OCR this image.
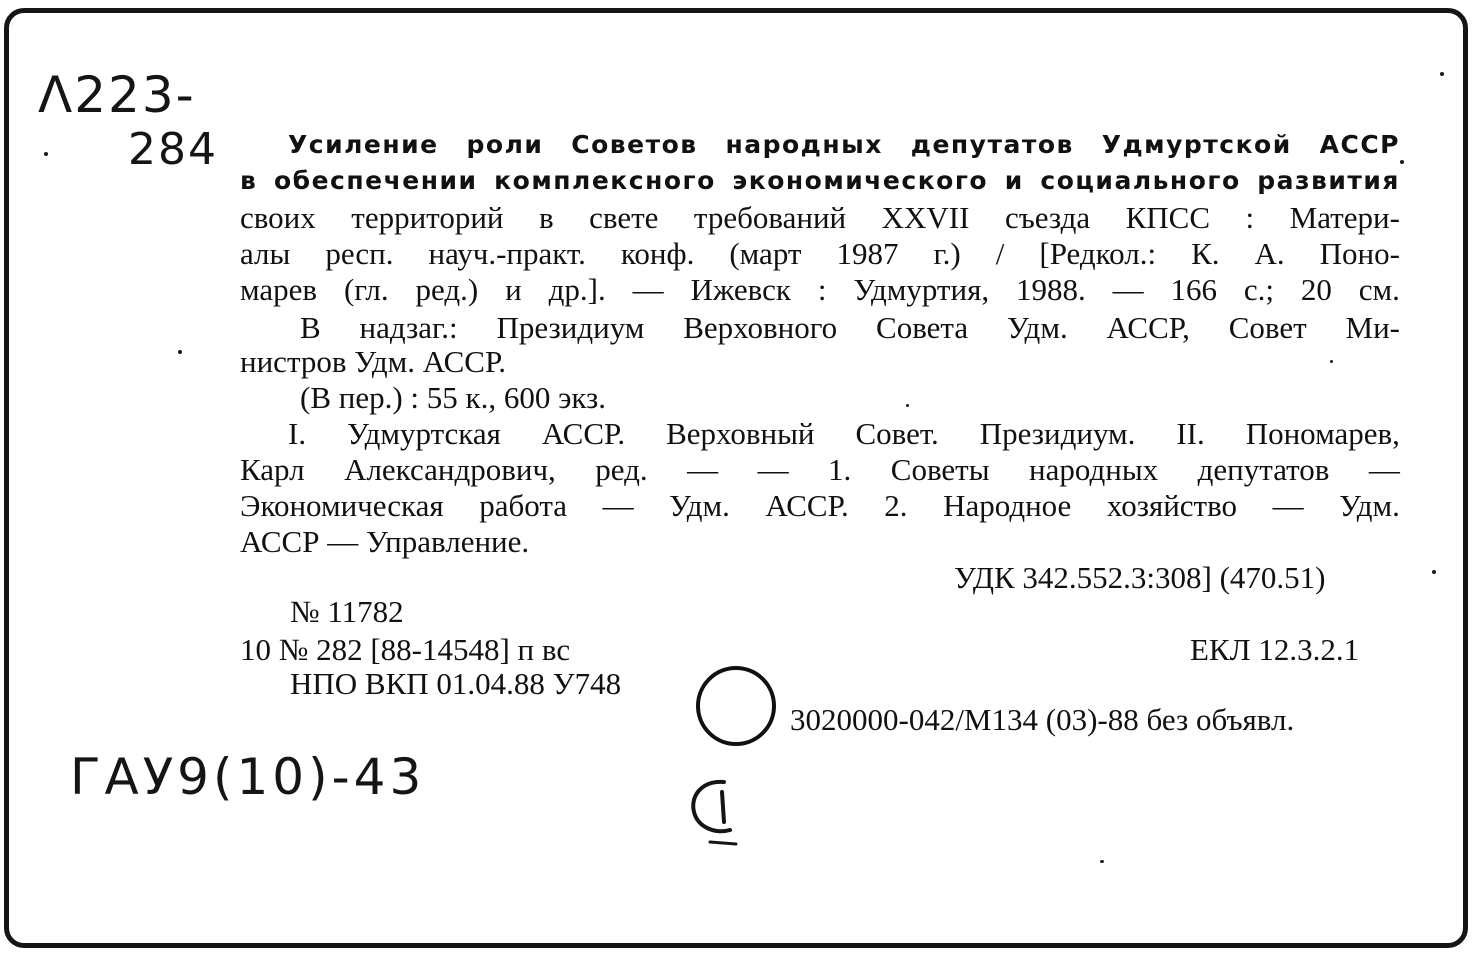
Λ223-
284
ГАУ9(10)-43
Усиление роли Советов народных депутатов Удмуртской АССР
в обеспечении комплексного экономического и социального развития
своих территорий в свете требований XXVII съезда КПСС : Матери-
алы респ. науч.-практ. конф. (март 1987 г.) / [Редкол.: К. А. Поно-
марев (гл. ред.) и др.]. — Ижевск : Удмуртия, 1988. — 166 с.; 20 см.
В надзаг.: Президиум Верховного Совета Удм. АССР, Совет Ми-
нистров Удм. АССР.
(В пер.) : 55 к., 600 экз.
I. Удмуртская АССР. Верховный Совет. Президиум. II. Пономарев,
Карл Александрович, ред. — — 1. Советы народных депутатов —
Экономическая работа — Удм. АССР. 2. Народное хозяйство — Удм.
АССР — Управление.
УДК 342.552.3:308] (470.51)
№ 11782
10 № 282 [88-14548] п вс	ЕКЛ 12.3.2.1
НПО ВКП 01.04.88 У748
3020000-042/М134 (03)-88 без объявл.
